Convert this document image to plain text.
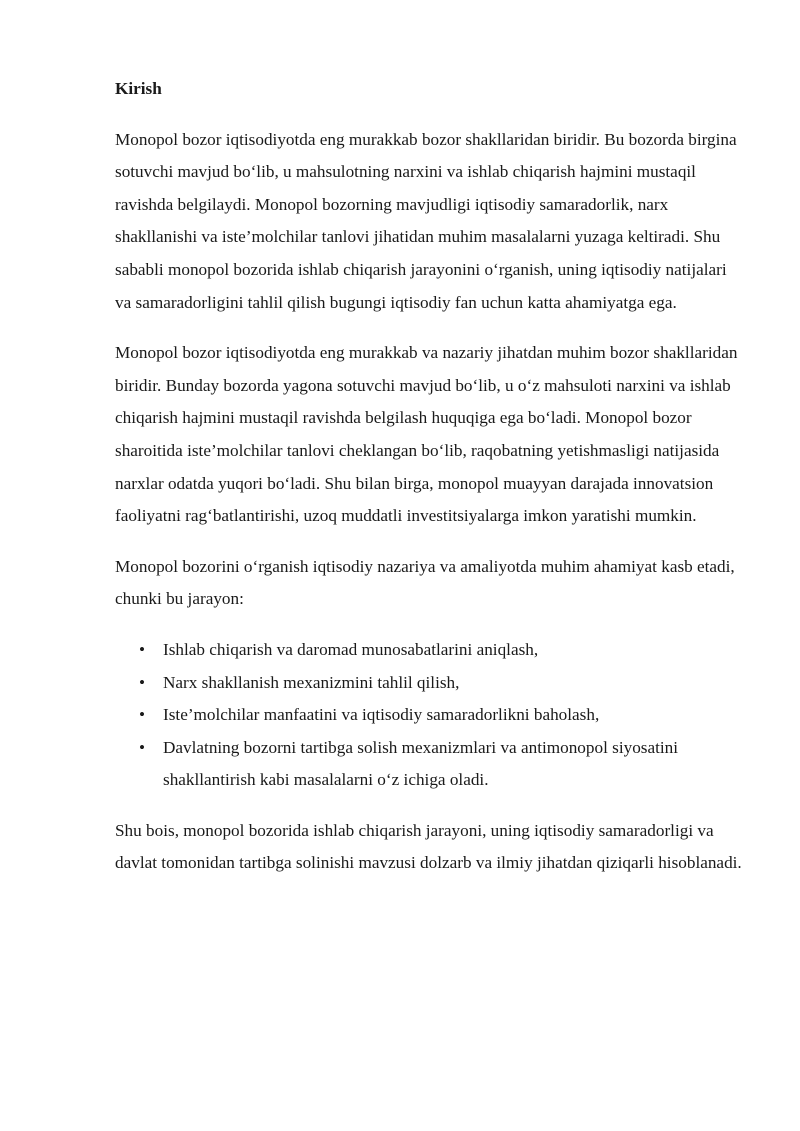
Kirish

Monopol bozor iqtisodiyotda eng murakkab bozor shakllaridan biridir. Bu bozorda birgina sotuvchi mavjud bo‘lib, u mahsulotning narxini va ishlab chiqarish hajmini mustaqil ravishda belgilaydi. Monopol bozorning mavjudligi iqtisodiy samaradorlik, narx shakllanishi va iste’molchilar tanlovi jihatidan muhim masalalarni yuzaga keltiradi. Shu sababli monopol bozorida ishlab chiqarish jarayonini o‘rganish, uning iqtisodiy natijalari va samaradorligini tahlil qilish bugungi iqtisodiy fan uchun katta ahamiyatga ega.

Monopol bozor iqtisodiyotda eng murakkab va nazariy jihatdan muhim bozor shakllaridan biridir. Bunday bozorda yagona sotuvchi mavjud bo‘lib, u o‘z mahsuloti narxini va ishlab chiqarish hajmini mustaqil ravishda belgilash huquqiga ega bo‘ladi. Monopol bozor sharoitida iste’molchilar tanlovi cheklangan bo‘lib, raqobatning yetishmasligi natijasida narxlar odatda yuqori bo‘ladi. Shu bilan birga, monopol muayyan darajada innovatsion faoliyatni rag‘batlantirishi, uzoq muddatli investitsiyalarga imkon yaratishi mumkin.

Monopol bozorini o‘rganish iqtisodiy nazariya va amaliyotda muhim ahamiyat kasb etadi, chunki bu jarayon:

• Ishlab chiqarish va daromad munosabatlarini aniqlash,
• Narx shakllanish mexanizmini tahlil qilish,
• Iste’molchilar manfaatini va iqtisodiy samaradorlikni baholash,
• Davlatning bozorni tartibga solish mexanizmlari va antimonopol siyosatini shakllantirish kabi masalalarni o‘z ichiga oladi.

Shu bois, monopol bozorida ishlab chiqarish jarayoni, uning iqtisodiy samaradorligi va davlat tomonidan tartibga solinishi mavzusi dolzarb va ilmiy jihatdan qiziqarli hisoblanadi.
